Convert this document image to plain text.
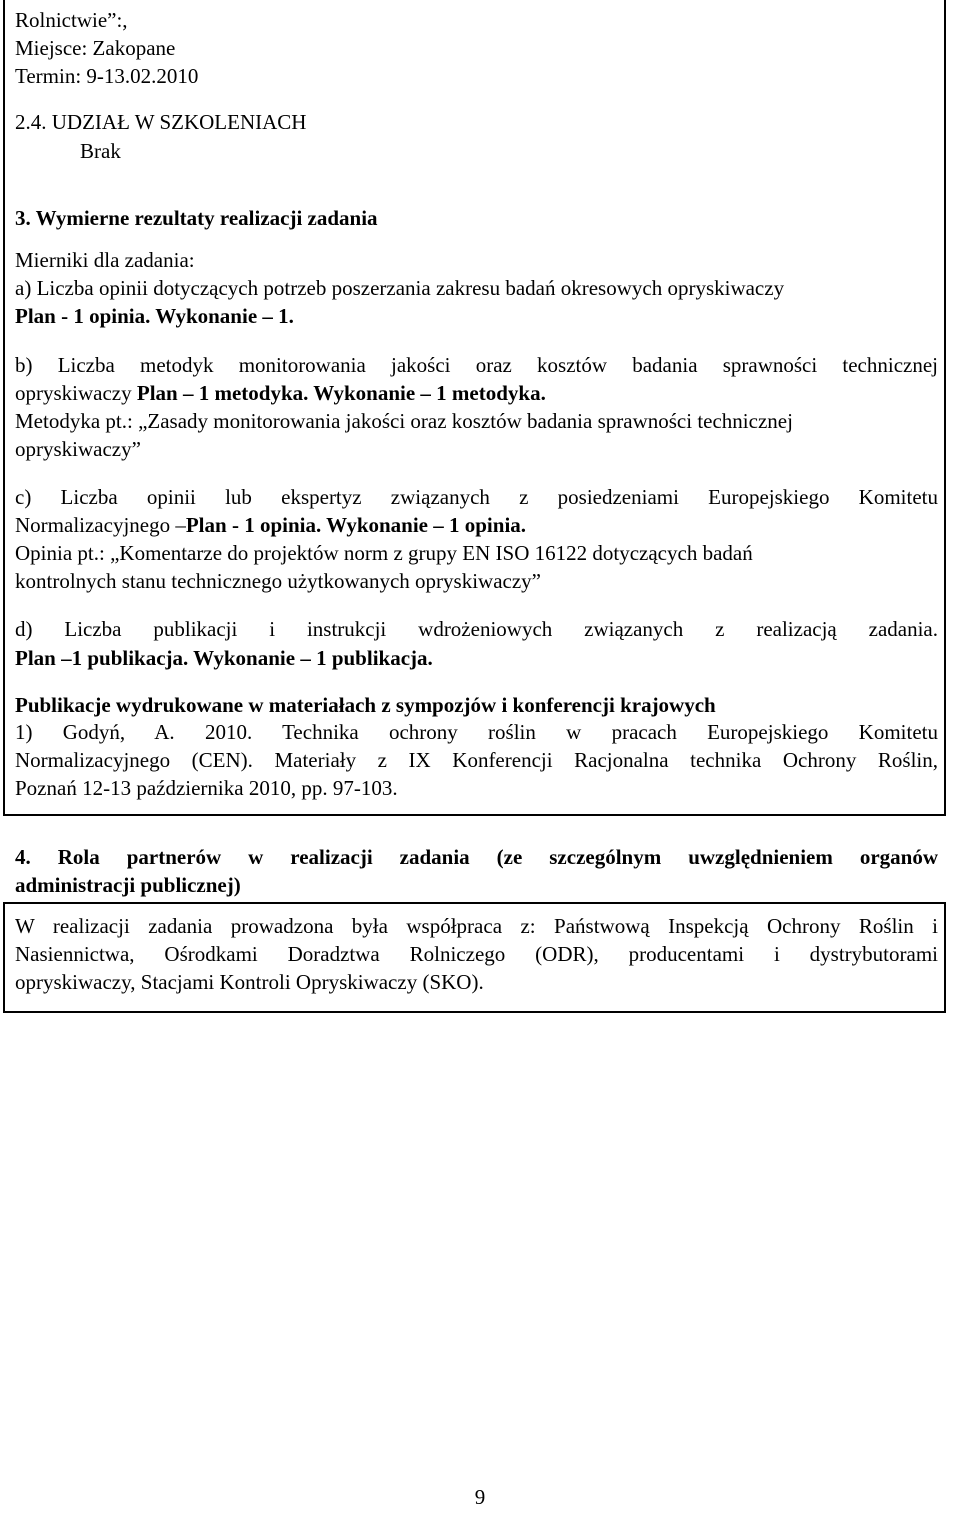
Rolnictwie”:,
Miejsce: Zakopane
Termin: 9-13.02.2010
2.4. UDZIAŁ W SZKOLENIACH
Brak
3. Wymierne rezultaty realizacji zadania
Mierniki dla zadania:
a) Liczba opinii dotyczących potrzeb poszerzania zakresu badań okresowych opryskiwaczy
Plan - 1 opinia. Wykonanie – 1.
b) Liczba metodyk monitorowania jakości oraz kosztów badania sprawności technicznej
opryskiwaczy Plan – 1 metodyka. Wykonanie – 1 metodyka.
Metodyka pt.: „Zasady monitorowania jakości oraz kosztów badania sprawności technicznej
opryskiwaczy”
c) Liczba opinii lub ekspertyz związanych z posiedzeniami Europejskiego Komitetu
Normalizacyjnego –Plan - 1 opinia. Wykonanie – 1 opinia.
Opinia pt.: „Komentarze do projektów norm z grupy EN ISO 16122 dotyczących badań
kontrolnych stanu technicznego użytkowanych opryskiwaczy”
d) Liczba publikacji i instrukcji wdrożeniowych związanych z realizacją zadania.
Plan –1 publikacja. Wykonanie – 1 publikacja.
Publikacje wydrukowane w materiałach z sympozjów i konferencji krajowych
1) Godyń, A. 2010. Technika ochrony roślin w pracach Europejskiego Komitetu
Normalizacyjnego (CEN). Materiały z IX Konferencji Racjonalna technika Ochrony Roślin,
Poznań 12-13 października 2010, pp. 97-103.
4. Rola partnerów w realizacji zadania (ze szczególnym uwzględnieniem organów
administracji publicznej)
W realizacji zadania prowadzona była współpraca z: Państwową Inspekcją Ochrony Roślin i
Nasiennictwa, Ośrodkami Doradztwa Rolniczego (ODR), producentami i dystrybutorami
opryskiwaczy, Stacjami Kontroli Opryskiwaczy (SKO).
9
